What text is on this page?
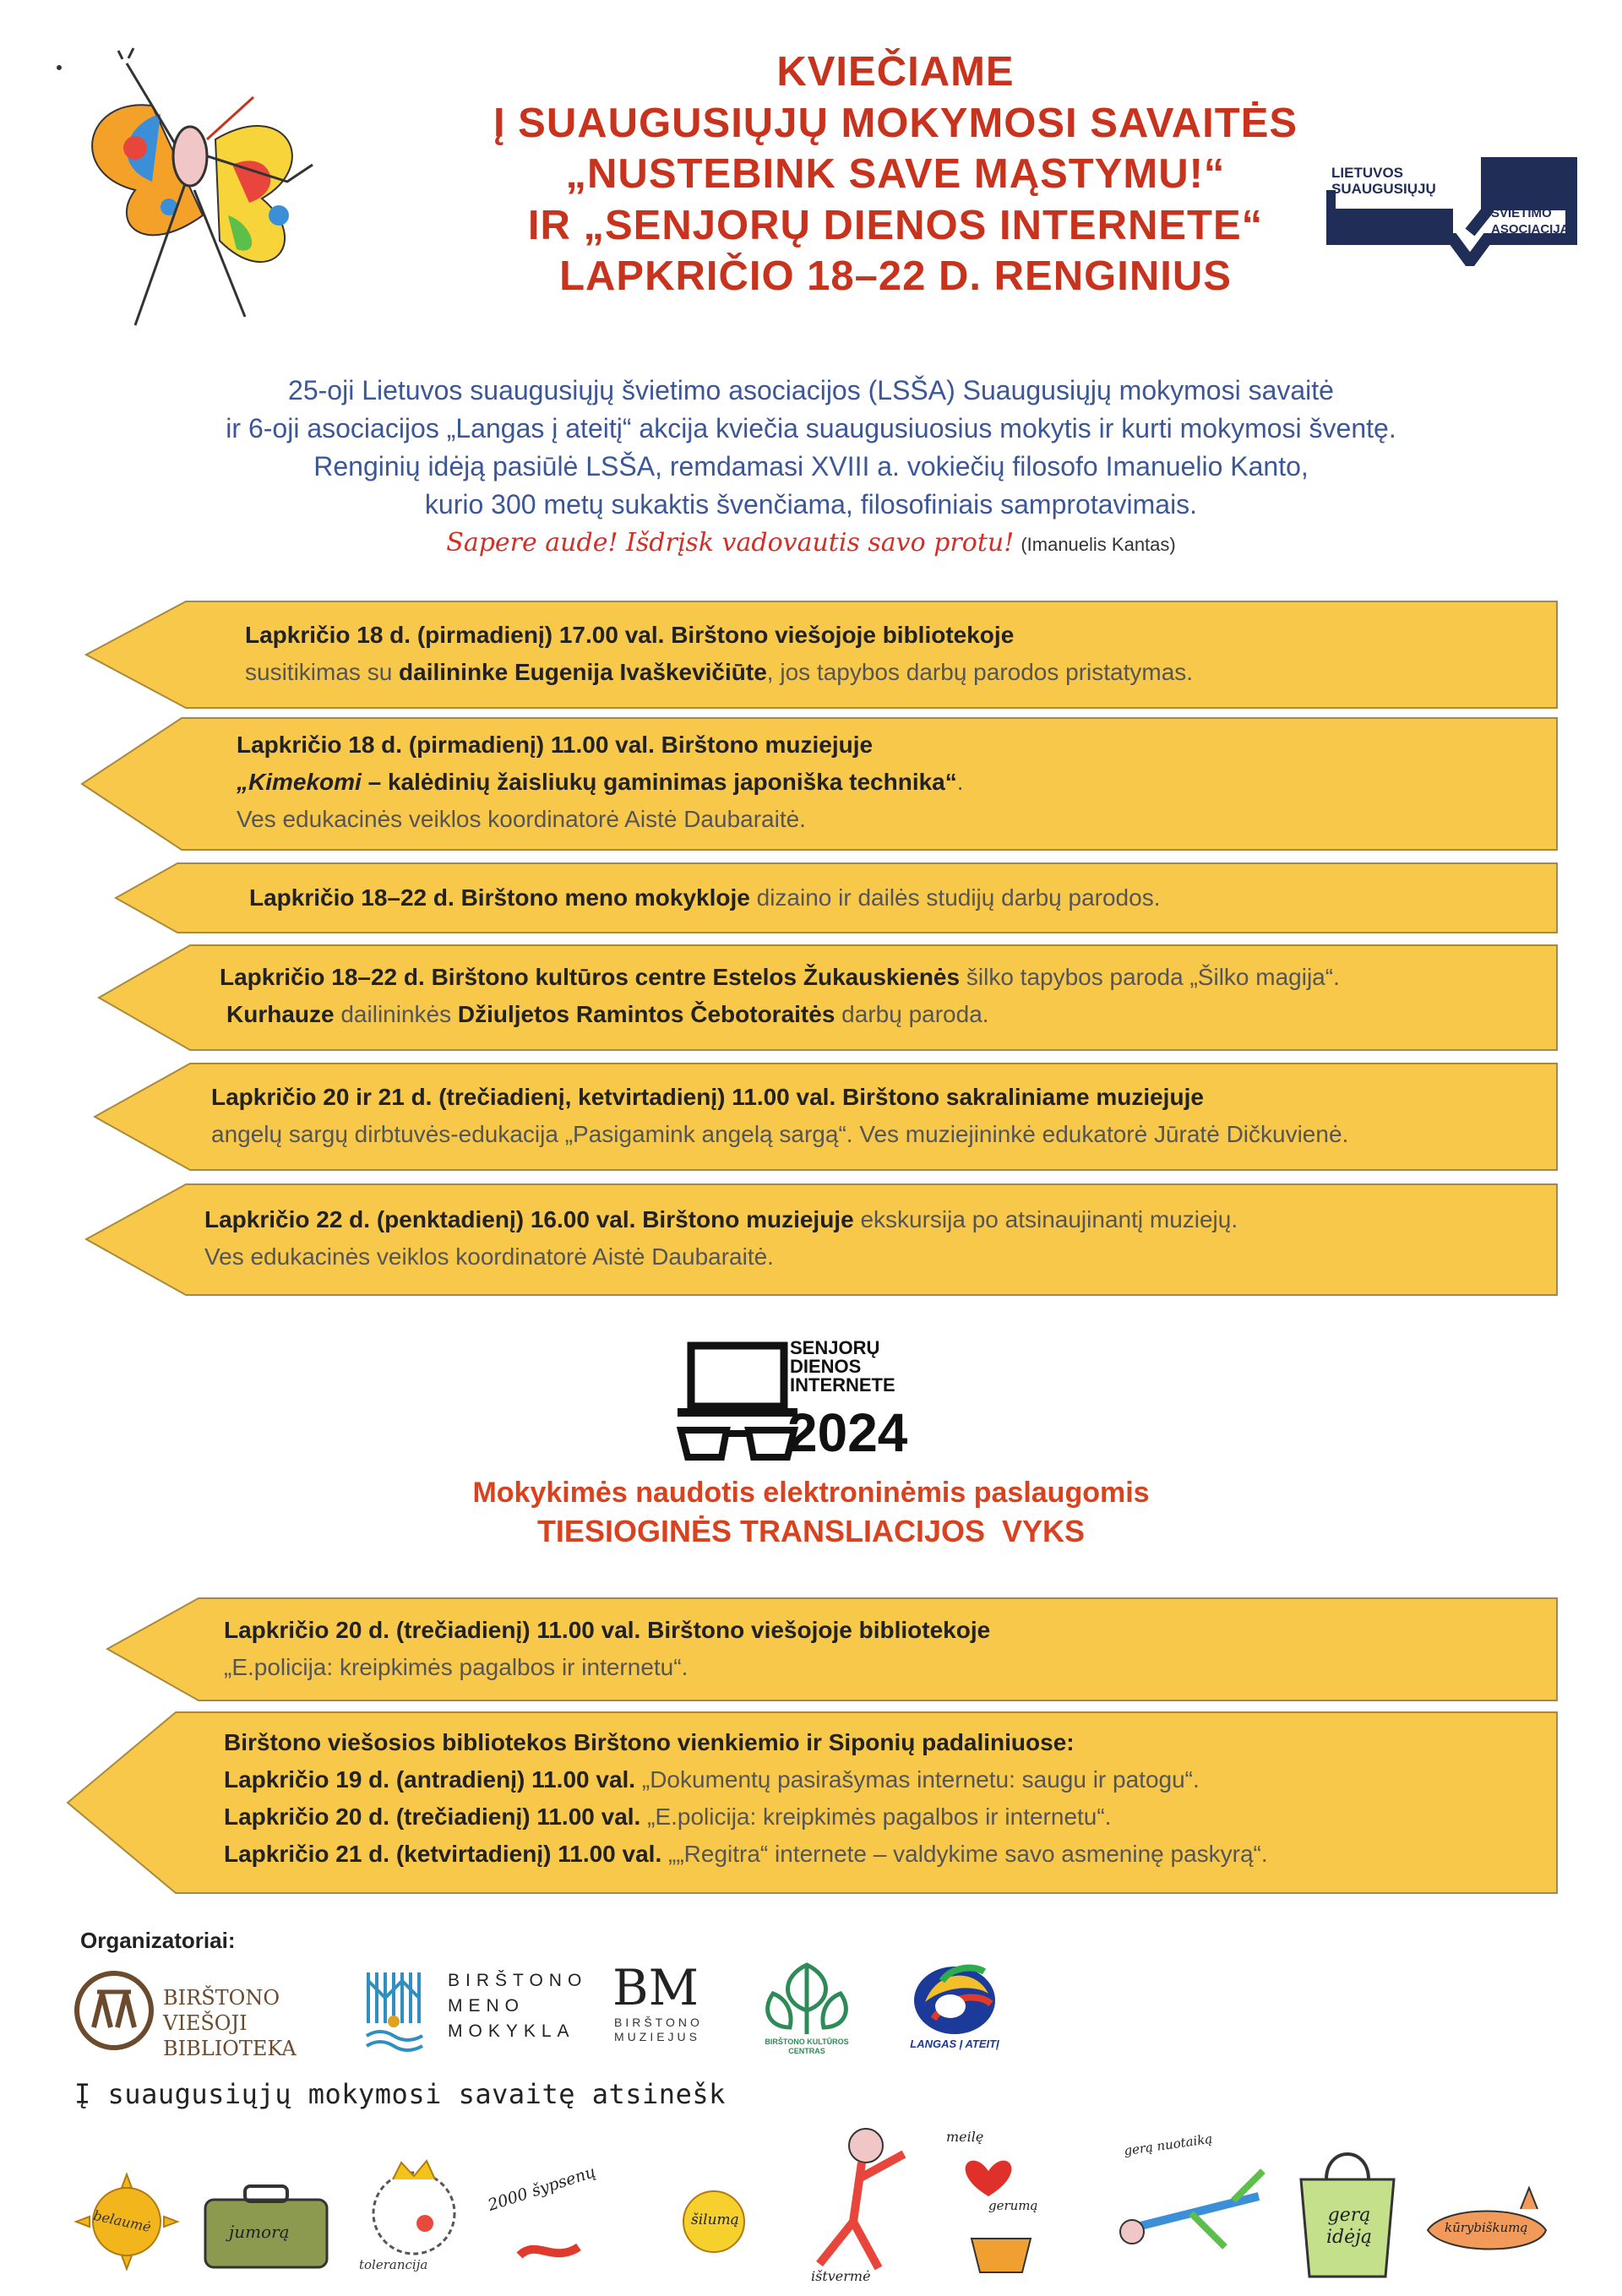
KVIEČIAME
Į SUAUGUSIŲJŲ MOKYMOSI SAVAITĖS
„NUSTEBINK SAVE MĄSTYMU!“
IR „SENJORŲ DIENOS INTERNETE“
LAPKRIČIO 18–22 D. RENGINIUS
LIETUVOS
SUAUGUSIŲJŲ
ŠVIETIMO
ASOCIACIJA
25-oji Lietuvos suaugusiųjų švietimo asociacijos (LSŠA) Suaugusiųjų mokymosi savaitė
ir 6-oji asociacijos „Langas į ateitį“ akcija kviečia suaugusiuosius mokytis ir kurti mokymosi šventę.
Renginių idėją pasiūlė LSŠA, remdamasi XVIII a. vokiečių filosofo Imanuelio Kanto,
kurio 300 metų sukaktis švenčiama, filosofiniais samprotavimais.
Sapere aude! Išdrįsk vadovautis savo protu! (Imanuelis Kantas)
Lapkričio 18 d. (pirmadienį) 17.00 val. Birštono viešojoje bibliotekoje
susitikimas su dailininke Eugenija Ivaškevičiūte, jos tapybos darbų parodos pristatymas.
Lapkričio 18 d. (pirmadienį) 11.00 val. Birštono muziejuje
„Kimekomi – kalėdinių žaisliukų gaminimas japoniška technika“.
Ves edukacinės veiklos koordinatorė Aistė Daubaraitė.
Lapkričio 18–22 d. Birštono meno mokykloje dizaino ir dailės studijų darbų parodos.
Lapkričio 18–22 d. Birštono kultūros centre Estelos Žukauskienės šilko tapybos paroda „Šilko magija“.
Kurhauze dailininkės Džiuljetos Ramintos Čebotoraitės darbų paroda.
Lapkričio 20 ir 21 d. (trečiadienį, ketvirtadienį) 11.00 val. Birštono sakraliniame muziejuje
angelų sargų dirbtuvės-edukacija „Pasigamink angelą sargą“. Ves muziejininkė edukatorė Jūratė Dičkuvienė.
Lapkričio 22 d. (penktadienį) 16.00 val. Birštono muziejuje ekskursija po atsinaujinantį muziejų.
Ves edukacinės veiklos koordinatorė Aistė Daubaraitė.
SENJORŲ
DIENOS
INTERNETE
2024
Mokykimės naudotis elektroninėmis paslaugomis
TIESIOGINĖS TRANSLIACIJOS  VYKS
Lapkričio 20 d. (trečiadienį) 11.00 val. Birštono viešojoje bibliotekoje
„E.policija: kreipkimės pagalbos ir internetu“.
Birštono viešosios bibliotekos Birštono vienkiemio ir Siponių padaliniuose:
Lapkričio 19 d. (antradienį) 11.00 val. „Dokumentų pasirašymas internetu: saugu ir patogu“.
Lapkričio 20 d. (trečiadienį) 11.00 val. „E.policija: kreipkimės pagalbos ir internetu“.
Lapkričio 21 d. (ketvirtadienį) 11.00 val. „„Regitra“ internete – valdykime savo asmeninę paskyrą“.
Organizatoriai:
BIRŠTONO
VIEŠOJI BIBLIOTEKA
BIRŠTONO
MENO
MOKYKLA
BM
BIRŠTONO
MUZIEJUS	BIRŠTONO KULTŪROS CENTRAS
LANGAS Į ATEITĮ
Į suaugusiųjų mokymosi savaitę atsinešk
belaumė	jumorą
tolerancija
2000 šypsenų
šilumą
ištvermė
meilę
gerumą
gerą nuotaiką
gerą idėją	kūrybiškumą
